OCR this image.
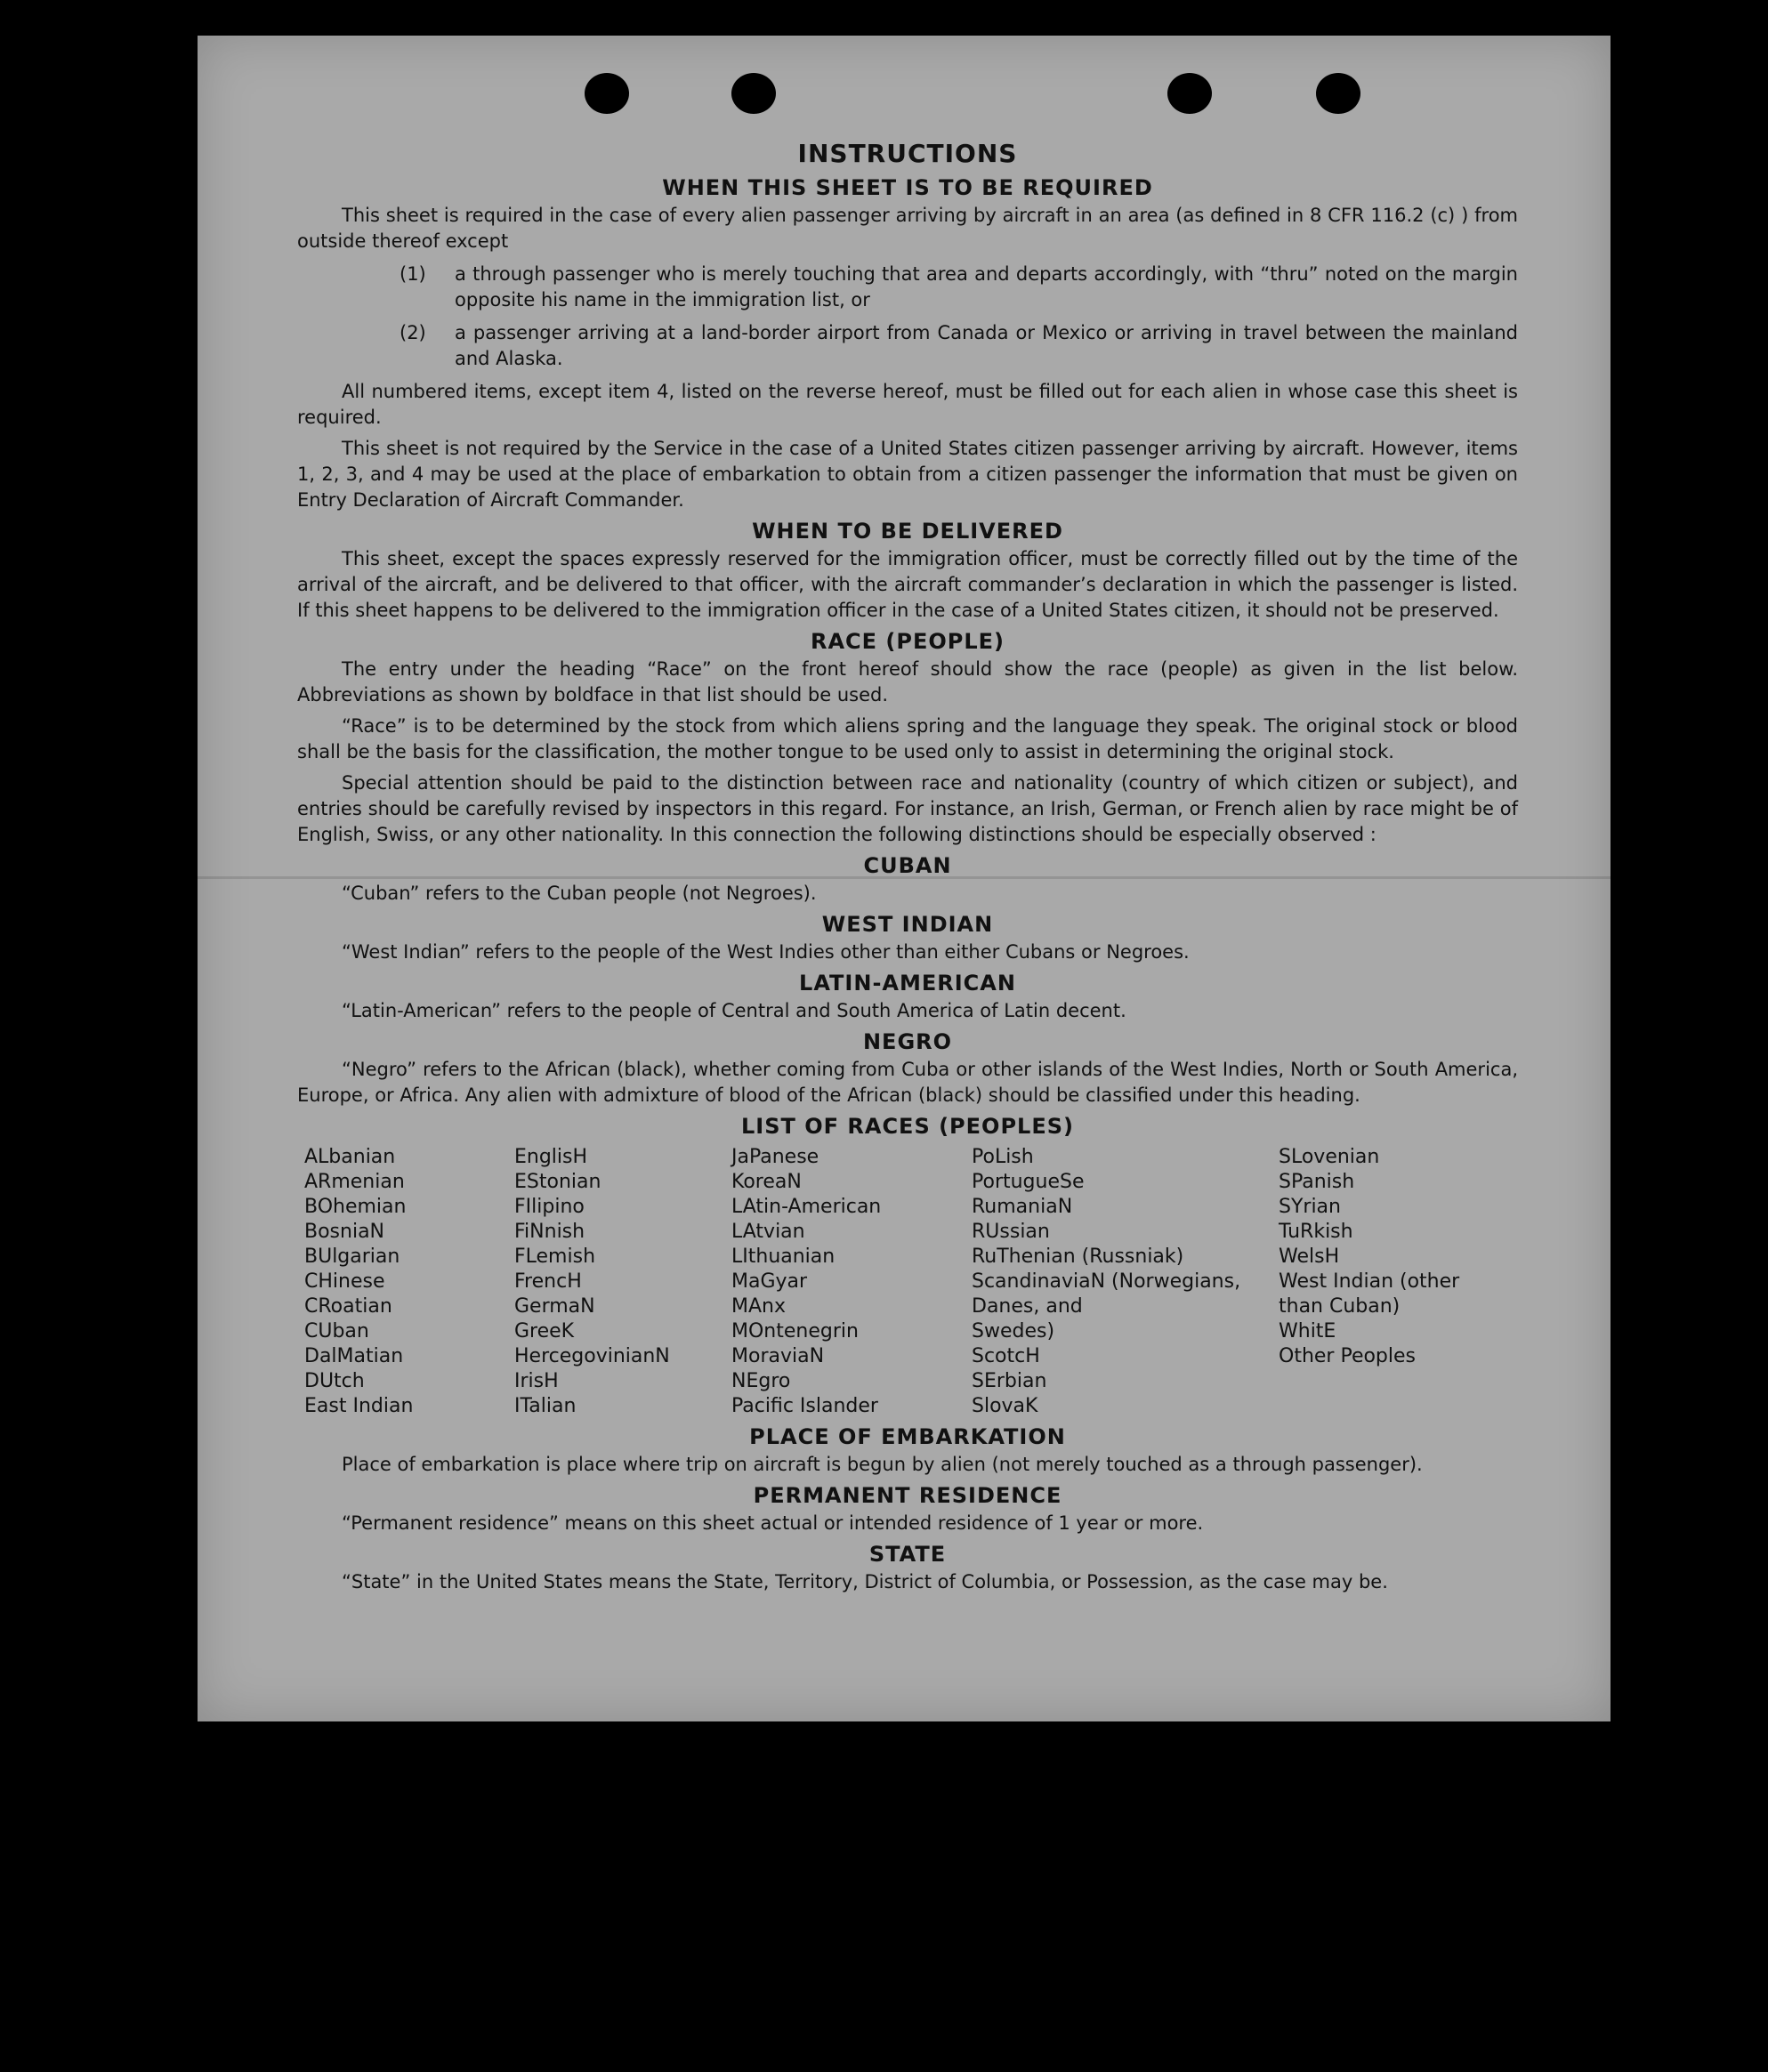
INSTRUCTIONS
WHEN THIS SHEET IS TO BE REQUIRED

This sheet is required in the case of every alien passenger arriving by aircraft in an area (as defined in 8 CFR 116.2 (c) ) from outside thereof except

(1)	a through passenger who is merely touching that area and departs accordingly, with “thru” noted on the margin opposite his name in the immigration list, or
(2)	a passenger arriving at a land-border airport from Canada or Mexico or arriving in travel between the mainland and Alaska.

All numbered items, except item 4, listed on the reverse hereof, must be filled out for each alien in whose case this sheet is required.

This sheet is not required by the Service in the case of a United States citizen passenger arriving by aircraft. However, items 1, 2, 3, and 4 may be used at the place of embarkation to obtain from a citizen passenger the information that must be given on Entry Declaration of Aircraft Commander.

WHEN TO BE DELIVERED

This sheet, except the spaces expressly reserved for the immigration officer, must be correctly filled out by the time of the arrival of the aircraft, and be delivered to that officer, with the aircraft commander’s declaration in which the passenger is listed. If this sheet happens to be delivered to the immigration officer in the case of a United States citizen, it should not be preserved.

RACE (PEOPLE)

The entry under the heading “Race” on the front hereof should show the race (people) as given in the list below. Abbreviations as shown by boldface in that list should be used.

“Race” is to be determined by the stock from which aliens spring and the language they speak. The original stock or blood shall be the basis for the classification, the mother tongue to be used only to assist in determining the original stock.

Special attention should be paid to the distinction between race and nationality (country of which citizen or subject), and entries should be carefully revised by inspectors in this regard. For instance, an Irish, German, or French alien by race might be of English, Swiss, or any other nationality. In this connection the following distinctions should be especially observed :

CUBAN

“Cuban” refers to the Cuban people (not Negroes).

WEST INDIAN

“West Indian” refers to the people of the West Indies other than either Cubans or Negroes.

LATIN-AMERICAN

“Latin-American” refers to the people of Central and South America of Latin decent.

NEGRO

“Negro” refers to the African (black), whether coming from Cuba or other islands of the West Indies, North or South America, Europe, or Africa. Any alien with admixture of blood of the African (black) should be classified under this heading.

LIST OF RACES (PEOPLES)
ALbanian
ARmenian
BOhemian
BosniaN
BUlgarian
CHinese
CRoatian
CUban
DalMatian
DUtch
East Indian
EnglisH
EStonian
FIlipino
FiNnish
FLemish
FrencH
GermaN
GreeK
HercegovinianN
IrisH
ITalian
JaPanese
KoreaN
LAtin-American
LAtvian
LIthuanian
MaGyar
MAnx
MOntenegrin
MoraviaN
NEgro
Pacific Islander
PoLish
PortugueSe
RumaniaN
RUssian
RuThenian (Russniak)
ScandinaviaN (Norwegians,
Danes, and
Swedes)
ScotcH
SErbian
SlovaK
SLovenian
SPanish
SYrian
TuRkish
WelsH
West Indian (other
than Cuban)
WhitE
Other Peoples
PLACE OF EMBARKATION

Place of embarkation is place where trip on aircraft is begun by alien (not merely touched as a through passenger).

PERMANENT RESIDENCE

“Permanent residence” means on this sheet actual or intended residence of 1 year or more.

STATE

“State” in the United States means the State, Territory, District of Columbia, or Possession, as the case may be.
